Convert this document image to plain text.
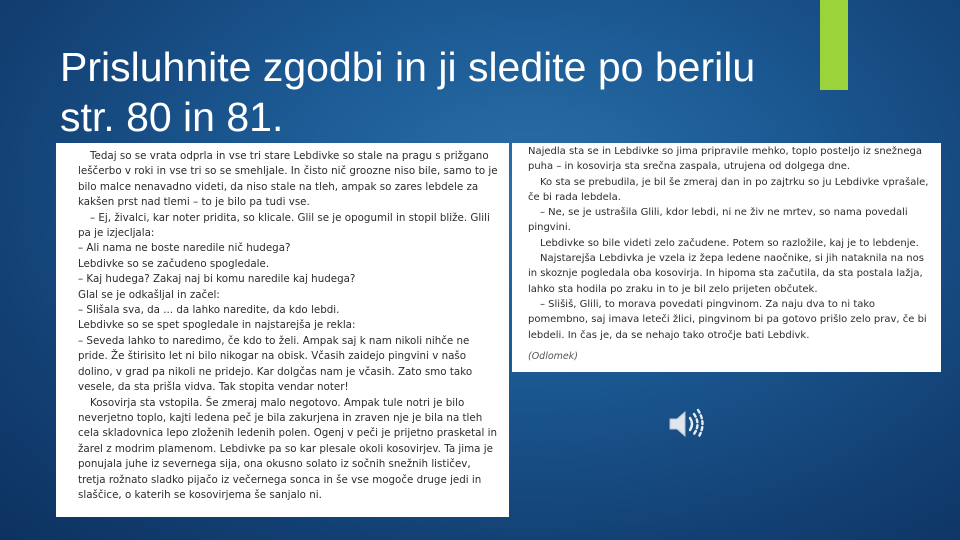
Prisluhnite zgodbi in ji sledite po berilu
str. 80 in 81.

Tedaj so se vrata odprla in vse tri stare Lebdivke so stale na pragu s prižgano leščerbo v roki in vse tri so se smehljale. In čisto nič groozne niso bile, samo to je bilo malce nenavadno videti, da niso stale na tleh, ampak so zares lebdele za kakšen prst nad tlemi – to je bilo pa tudi vse.

– Ej, živalci, kar noter pridita, so klicale. Glil se je opogumil in stopil bliže. Glili pa je izjecljala:

– Ali nama ne boste naredile nič hudega?

Lebdivke so se začudeno spogledale.

– Kaj hudega? Zakaj naj bi komu naredile kaj hudega?

Glal se je odkašljal in začel:

– Slišala sva, da ... da lahko naredite, da kdo lebdi.

Lebdivke so se spet spogledale in najstarejša je rekla:

– Seveda lahko to naredimo, če kdo to želi. Ampak saj k nam nikoli nihče ne pride. Že štirisito let ni bilo nikogar na obisk. Včasih zaidejo pingvini v našo dolino, v grad pa nikoli ne pridejo. Kar dolgčas nam je včasih. Zato smo tako vesele, da sta prišla vidva. Tak stopita vendar noter!

Kosovirja sta vstopila. Še zmeraj malo negotovo. Ampak tule notri je bilo neverjetno toplo, kajti ledena peč je bila zakurjena in zraven nje je bila na tleh cela skladovnica lepo zloženih ledenih polen. Ogenj v peči je prijetno prasketal in žarel z modrim plamenom. Lebdivke pa so kar plesale okoli kosovirjev. Ta jima je ponujala juhe iz severnega sija, ona okusno solato iz sočnih snežnih lističev, tretja rožnato sladko pijačo iz večernega sonca in še vse mogoče druge jedi in slaščice, o katerih se kosovirjema še sanjalo ni.

Najedla sta se in Lebdivke so jima pripravile mehko, toplo posteljo iz snežnega puha – in kosovirja sta srečna zaspala, utrujena od dolgega dne.

Ko sta se prebudila, je bil še zmeraj dan in po zajtrku so ju Lebdivke vprašale, če bi rada lebdela.

– Ne, se je ustrašila Glili, kdor lebdi, ni ne živ ne mrtev, so nama povedali pingvini.

Lebdivke so bile videti zelo začudene. Potem so razložile, kaj je to lebdenje.

Najstarejša Lebdivka je vzela iz žepa ledene naočnike, si jih nataknila na nos in skoznje pogledala oba kosovirja. In hipoma sta začutila, da sta postala lažja, lahko sta hodila po zraku in to je bil zelo prijeten občutek.

– Slišiš, Glili, to morava povedati pingvinom. Za naju dva to ni tako pomembno, saj imava leteči žlici, pingvinom bi pa gotovo prišlo zelo prav, če bi lebdeli. In čas je, da se nehajo tako otročje bati Lebdivk.

(Odlomek)
